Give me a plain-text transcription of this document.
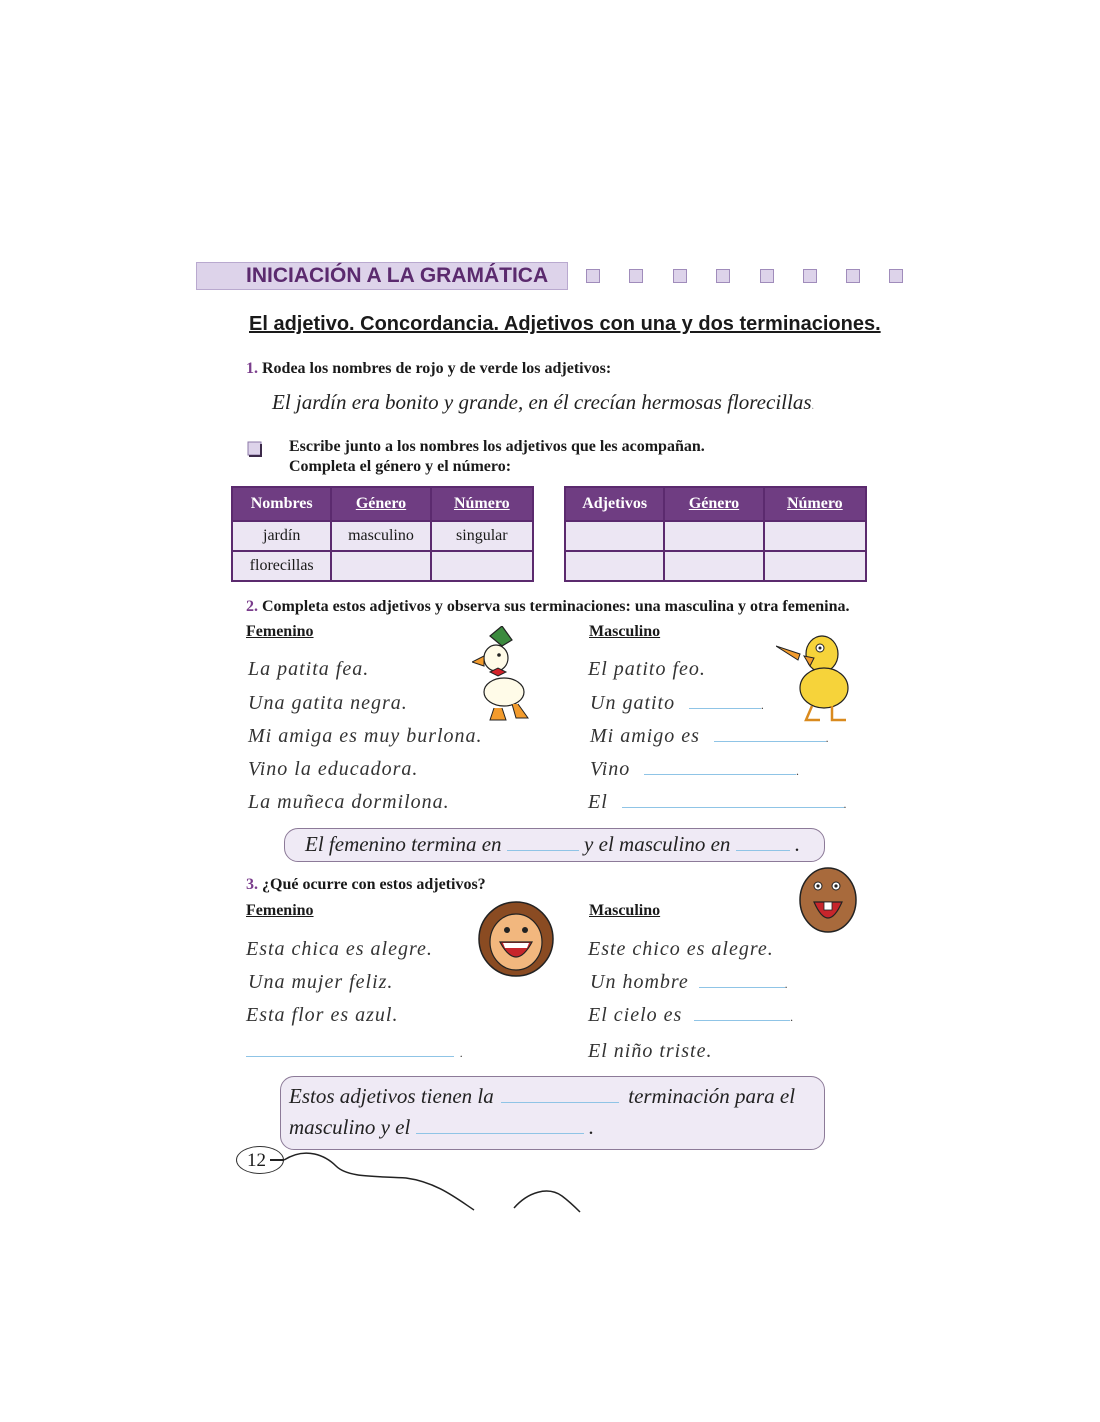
INICIACIÓN A LA GRAMÁTICA
El adjetivo. Concordancia. Adjetivos con una y dos terminaciones.
1. Rodea los nombres de rojo y de verde los adjetivos:
El jardín era bonito y grande, en él crecían hermosas florecillas.
Escribe junto a los nombres los adjetivos que les acompañan.
Completa el género y el número:
Nombres	Género	Número
jardín	masculino	singular
florecillas		
Adjetivos	Género	Número

2. Completa estos adjetivos y observa sus terminaciones: una masculina y otra femenina.
Femenino	Masculino
La patita fea.
Una gatita negra.
Mi amiga es muy burlona.
Vino la educadora.
La muñeca dormilona.
El patito feo.
Un gatito	.
Mi amigo es	.
Vino	.
El	.
El femenino termina en	y el masculino en	.
3. ¿Qué ocurre con estos adjetivos?
Femenino	Masculino
Esta chica es alegre.
Una mujer feliz.
Esta flor es azul.
.
Este chico es alegre.
Un hombre	.
El cielo es	.
El niño triste.
Estos adjetivos tienen la	terminación para el
masculino y el	.
12
